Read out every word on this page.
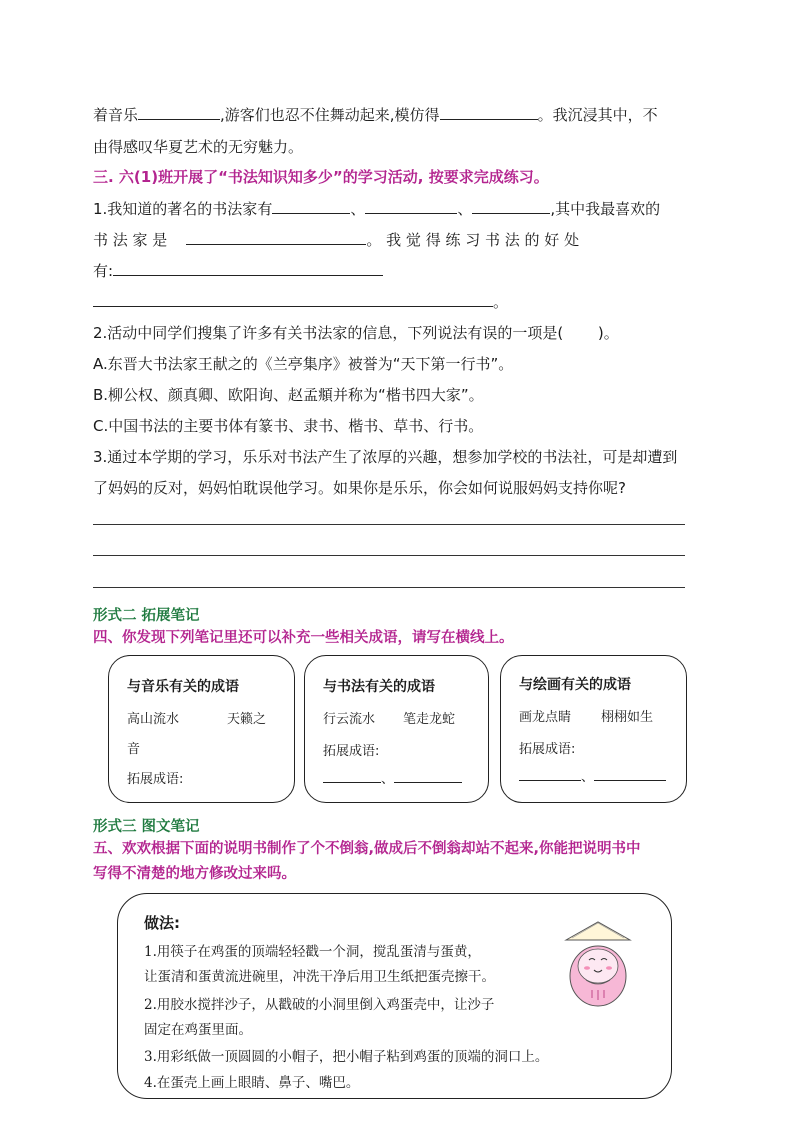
着音乐	,游客们也忍不住舞动起来,模仿得	。我沉浸其中，不
由得感叹华夏艺术的无穷魅力。
三. 六(1)班开展了“书法知识知多少”的学习活动, 按要求完成练习。
1.我知道的著名的书法家有	、	、	,其中我最喜欢的
书 法 家 是	。 我 觉 得 练 习 书 法 的 好 处
有:
。
2.活动中同学们搜集了许多有关书法家的信息，下列说法有误的一项是(　　 )。
A.东晋大书法家王献之的《兰亭集序》被誉为“天下第一行书”。
B.柳公权、颜真卿、欧阳询、赵孟頫并称为“楷书四大家”。
C.中国书法的主要书体有篆书、隶书、楷书、草书、行书。
3.通过本学期的学习，乐乐对书法产生了浓厚的兴趣，想参加学校的书法社，可是却遭到
了妈妈的反对，妈妈怕耽误他学习。如果你是乐乐，你会如何说服妈妈支持你呢?
形式二 拓展笔记
四、你发现下列笔记里还可以补充一些相关成语，请写在横线上。
与音乐有关的成语
高山流水	天籁之
音
拓展成语:
与书法有关的成语
行云流水 笔走龙蛇
拓展成语:
、
与绘画有关的成语
画龙点睛 栩栩如生
拓展成语:
、
形式三 图文笔记
五、欢欢根据下面的说明书制作了个不倒翁,做成后不倒翁却站不起来,你能把说明书中
写得不清楚的地方修改过来吗。
做法:
1.用筷子在鸡蛋的顶端轻轻戳一个洞，搅乱蛋清与蛋黄，
让蛋清和蛋黄流进碗里，冲洗干净后用卫生纸把蛋壳擦干。
2.用胶水搅拌沙子，从戳破的小洞里倒入鸡蛋壳中，让沙子
固定在鸡蛋里面。
3.用彩纸做一顶圆圆的小帽子，把小帽子粘到鸡蛋的顶端的洞口上。
4.在蛋壳上画上眼睛、鼻子、嘴巴。
